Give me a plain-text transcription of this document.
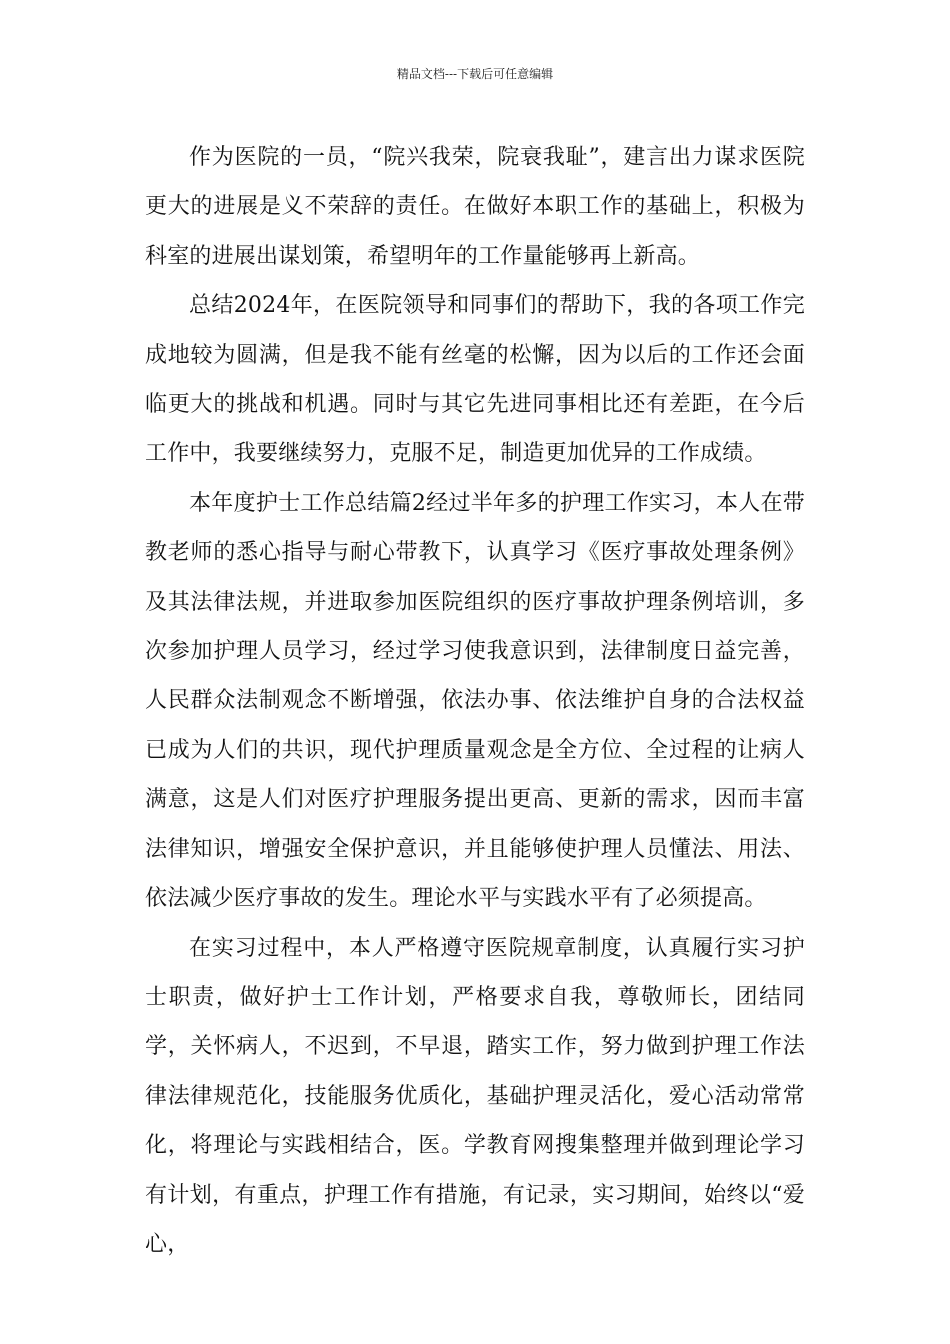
精品文档---下载后可任意编辑

作为医院的一员，“院兴我荣，院衰我耻”，建言出力谋求医院更大的进展是义不荣辞的责任。在做好本职工作的基础上，积极为科室的进展出谋划策，希望明年的工作量能够再上新高。

总结2024年，在医院领导和同事们的帮助下，我的各项工作完成地较为圆满，但是我不能有丝毫的松懈，因为以后的工作还会面临更大的挑战和机遇。同时与其它先进同事相比还有差距，在今后工作中，我要继续努力，克服不足，制造更加优异的工作成绩。

本年度护士工作总结篇2经过半年多的护理工作实习，本人在带教老师的悉心指导与耐心带教下，认真学习《医疗事故处理条例》及其法律法规，并进取参加医院组织的医疗事故护理条例培训，多次参加护理人员学习，经过学习使我意识到，法律制度日益完善，人民群众法制观念不断增强，依法办事、依法维护自身的合法权益已成为人们的共识，现代护理质量观念是全方位、全过程的让病人满意，这是人们对医疗护理服务提出更高、更新的需求，因而丰富法律知识，增强安全保护意识，并且能够使护理人员懂法、用法、依法减少医疗事故的发生。理论水平与实践水平有了必须提高。

在实习过程中，本人严格遵守医院规章制度，认真履行实习护士职责，做好护士工作计划，严格要求自我，尊敬师长，团结同学，关怀病人，不迟到，不早退，踏实工作，努力做到护理工作法律法律规范化，技能服务优质化，基础护理灵活化，爱心活动常常化，将理论与实践相结合，医。学教育网搜集整理并做到理论学习有计划，有重点，护理工作有措施，有记录，实习期间，始终以“爱心，
